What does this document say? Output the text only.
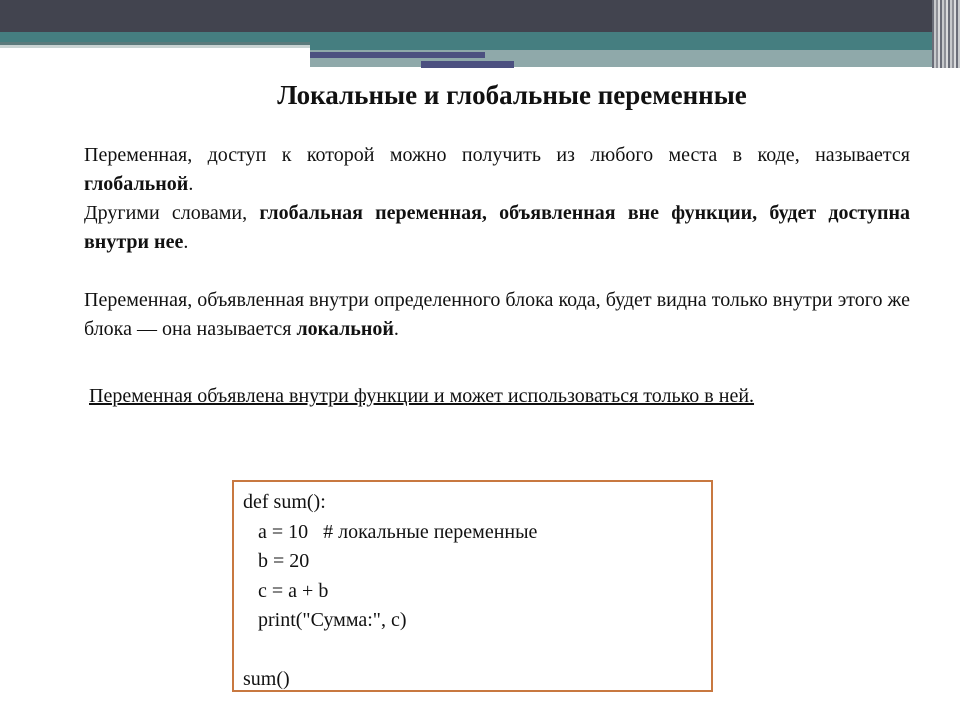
Локальные и глобальные переменные
Переменная, доступ к которой можно получить из любого места в коде, называется глобальной.
Другими словами, глобальная переменная, объявленная вне функции, будет доступна внутри нее.
Переменная, объявленная внутри определенного блока кода, будет видна только внутри этого же блока — она называется локальной.
Переменная объявлена внутри функции и может использоваться только в ней.
def sum():
a = 10   # локальные переменные
b = 20
c = a + b
print("Сумма:", c)
sum()
